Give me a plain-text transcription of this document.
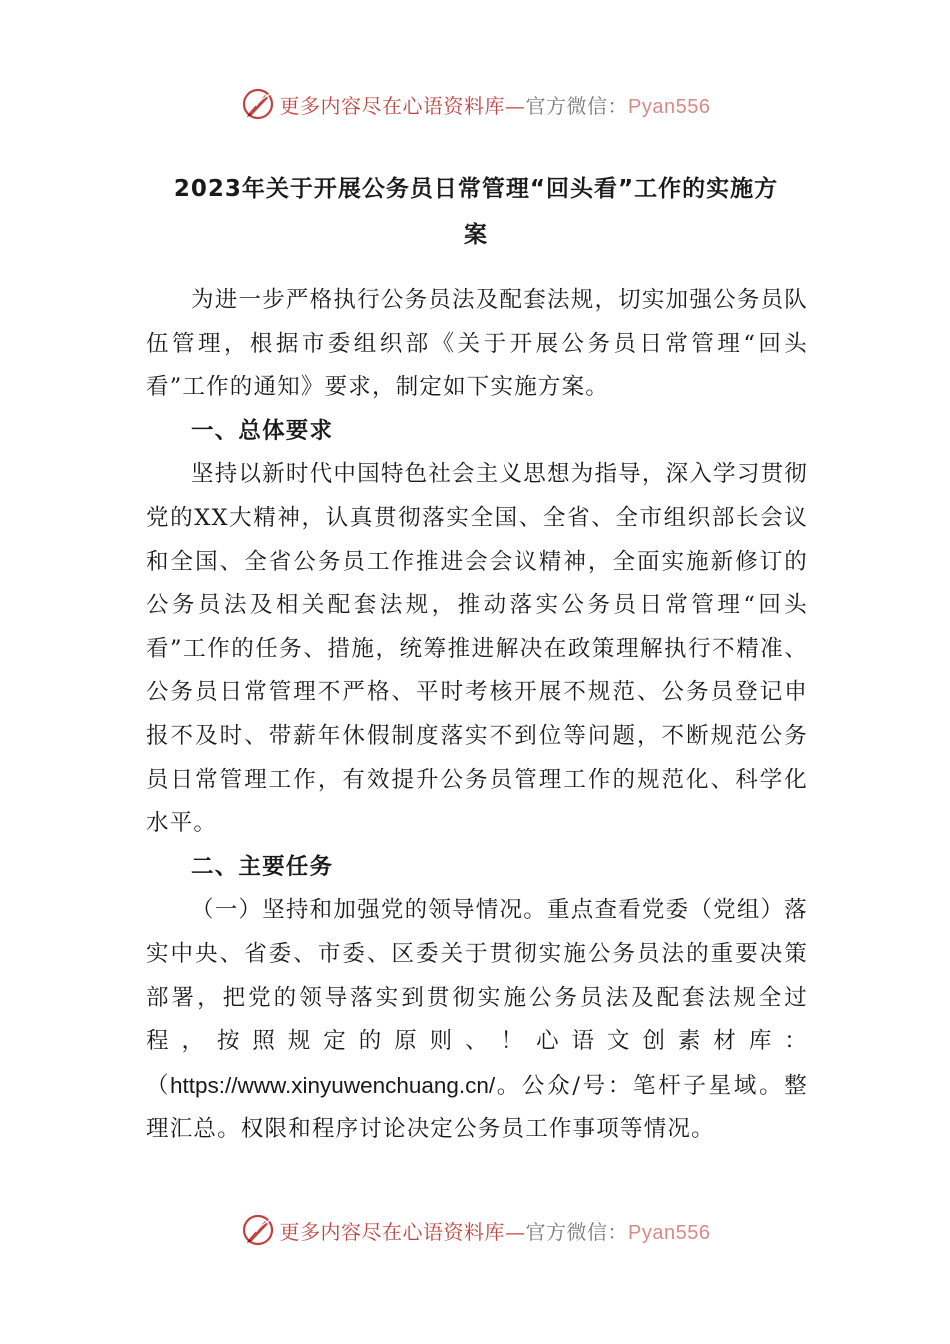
更多内容尽在心语资料库—官方微信：Pyan556
2023年关于开展公务员日常管理“回头看”工作的实施方
案

为进一步严格执行公务员法及配套法规，切实加强公务员队伍管理，根据市委组织部《关于开展公务员日常管理“回头看”工作的通知》要求，制定如下实施方案。

一、总体要求

坚持以新时代中国特色社会主义思想为指导，深入学习贯彻党的XX大精神，认真贯彻落实全国、全省、全市组织部长会议和全国、全省公务员工作推进会会议精神，全面实施新修订的公务员法及相关配套法规，推动落实公务员日常管理“回头看”工作的任务、措施，统筹推进解决在政策理解执行不精准、公务员日常管理不严格、平时考核开展不规范、公务员登记申报不及时、带薪年休假制度落实不到位等问题，不断规范公务员日常管理工作，有效提升公务员管理工作的规范化、科学化水平。

二、主要任务

（一）坚持和加强党的领导情况。重点查看党委（党组）落实中央、省委、市委、区委关于贯彻实施公务员法的重要决策部署，把党的领导落实到贯彻实施公务员法及配套法规全过程，按照规定的原则、！心语文创素材库：（https://www.xinyuwenchuang.cn/。公众/号：笔杆子星域。整理汇总。权限和程序讨论决定公务员工作事项等情况。

更多内容尽在心语资料库—官方微信：Pyan556
